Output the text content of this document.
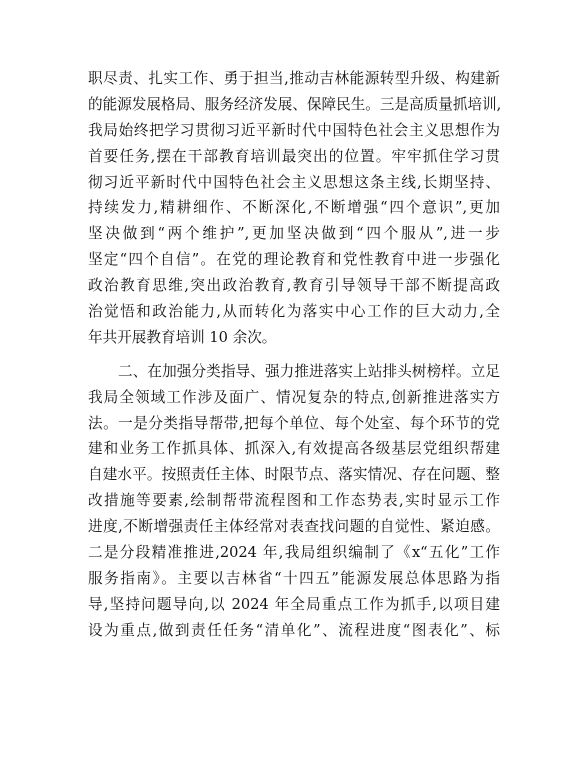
职尽责、扎实工作、勇于担当,推动吉林能源转型升级、构建新
的能源发展格局、服务经济发展、保障民生。三是高质量抓培训,
我局始终把学习贯彻习近平新时代中国特色社会主义思想作为
首要任务,摆在干部教育培训最突出的位置。牢牢抓住学习贯
彻习近平新时代中国特色社会主义思想这条主线,长期坚持、
持续发力,精耕细作、不断深化,不断增强“四个意识”,更加
坚决做到“两个维护”,更加坚决做到“四个服从”,进一步
坚定“四个自信”。在党的理论教育和党性教育中进一步强化
政治教育思维,突出政治教育,教育引导领导干部不断提高政
治觉悟和政治能力,从而转化为落实中心工作的巨大动力,全
年共开展教育培训 10 余次。
二、在加强分类指导、强力推进落实上站排头树榜样。立足
我局全领域工作涉及面广、情况复杂的特点,创新推进落实方
法。一是分类指导帮带,把每个单位、每个处室、每个环节的党
建和业务工作抓具体、抓深入,有效提高各级基层党组织帮建
自建水平。按照责任主体、时限节点、落实情况、存在问题、整
改措施等要素,绘制帮带流程图和工作态势表,实时显示工作
进度,不断增强责任主体经常对表查找问题的自觉性、紧迫感。
二是分段精准推进,2024 年,我局组织编制了《x“五化”工作
服务指南》。主要以吉林省“十四五”能源发展总体思路为指
导,坚持问题导向,以 2024 年全局重点工作为抓手,以项目建
设为重点,做到责任任务“清单化”、流程进度“图表化”、标
